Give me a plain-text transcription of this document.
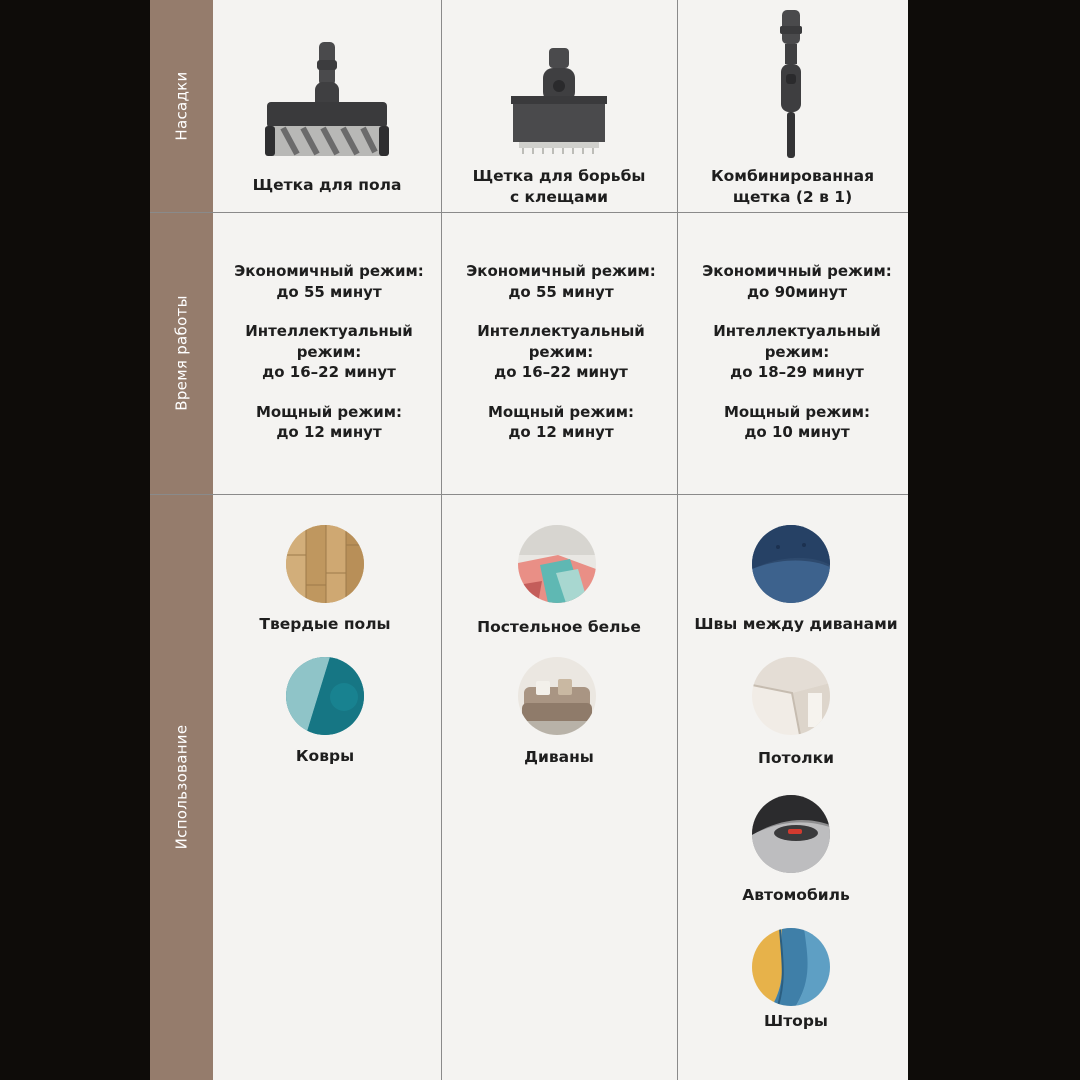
Насадки
Время работы
Использование
Щетка для пола	Щетка для борьбы
с клещами
Комбинированная
щетка (2 в 1)

Экономичный режим:
до 55 минут

Интеллектуальный
режим:
до 16–22 минут

Мощный режим:
до 12 минут

Экономичный режим:
до 55 минут

Интеллектуальный
режим:
до 16–22 минут

Мощный режим:
до 12 минут

Экономичный режим:
до 90минут

Интеллектуальный
режим:
до 18–29 минут

Мощный режим:
до 10 минут

Твердые полы
Ковры
Постельное белье
Диваны
Швы между диванами
Потолки
Автомобиль
Шторы
